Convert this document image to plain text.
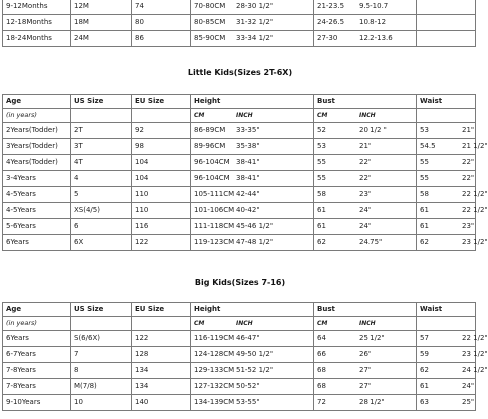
9-12Months	12M	74	70-80CM 28-30 1/2"	21-23.5 9.5-10.7	
12-18Months	18M	80	80-85CM 31-32 1/2"	24-26.5 10.8-12	
18-24Months	24M	86	85-90CM 33-34 1/2"	27-30 12.2-13.6	
Little Kids(Sizes 2T-6X)
Age	US Size	EU Size	Height	Bust	Waist
(in years)			CM INCH	CM INCH	
2Years(Todder)	2T	92	86-89CM 33-35"	52 20 1/2 "	53 21"
3Years(Todder)	3T	98	89-96CM 35-38"	53 21"	54.5 21 1/2"
4Years(Todder)	4T	104	96-104CM 38-41"	55 22"	55 22"
3-4Years	4	104	96-104CM 38-41"	55 22"	55 22"
4-5Years	5	110	105-111CM 42-44"	58 23"	58 22 1/2"
4-5Years	XS(4/5)	110	101-106CM 40-42"	61 24"	61 22 1/2"
5-6Years	6	116	111-118CM 45-46 1/2"	61 24"	61 23"
6Years	6X	122	119-123CM 47-48 1/2"	62 24.75"	62 23 1/2"
Big Kids(Sizes 7-16)
Age	US Size	EU Size	Height	Bust	Waist
(in years)			CM INCH	CM INCH	
6Years	S(6/6X)	122	116-119CM 46-47"	64 25 1/2"	57 22 1/2"
6-7Years	7	128	124-128CM 49-50 1/2"	66 26"	59 23 1/2"
7-8Years	8	134	129-133CM 51-52 1/2"	68 27"	62 24 1/2"
7-8Years	M(7/8)	134	127-132CM 50-52"	68 27"	61 24"
9-10Years	10	140	134-139CM 53-55"	72 28 1/2"	63 25"
